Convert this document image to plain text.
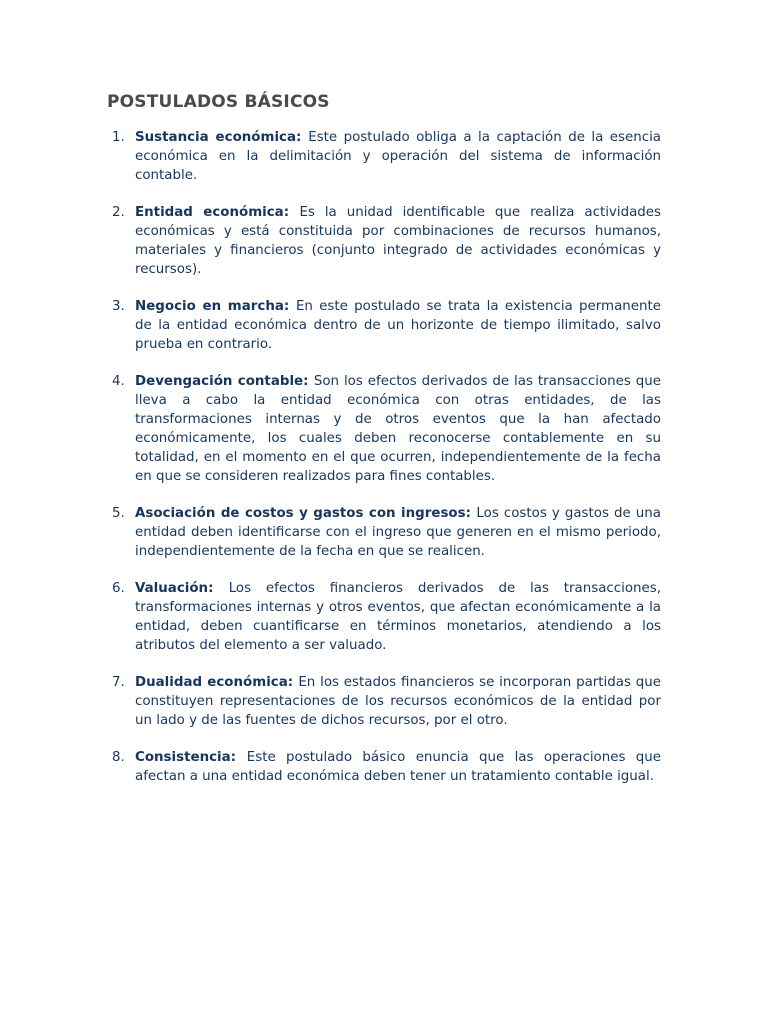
POSTULADOS BÁSICOS
1. Sustancia económica: Este postulado obliga a la captación de la esencia económica en la delimitación y operación del sistema de información contable.
2. Entidad económica: Es la unidad identificable que realiza actividades económicas y está constituida por combinaciones de recursos humanos, materiales y financieros (conjunto integrado de actividades económicas y recursos).
3. Negocio en marcha: En este postulado se trata la existencia permanente de la entidad económica dentro de un horizonte de tiempo ilimitado, salvo prueba en contrario.
4. Devengación contable: Son los efectos derivados de las transacciones que lleva a cabo la entidad económica con otras entidades, de las transformaciones internas y de otros eventos que la han afectado económicamente, los cuales deben reconocerse contablemente en su totalidad, en el momento en el que ocurren, independientemente de la fecha en que se consideren realizados para fines contables.
5. Asociación de costos y gastos con ingresos: Los costos y gastos de una entidad deben identificarse con el ingreso que generen en el mismo periodo, independientemente de la fecha en que se realicen.
6. Valuación: Los efectos financieros derivados de las transacciones, transformaciones internas y otros eventos, que afectan económicamente a la entidad, deben cuantificarse en términos monetarios, atendiendo a los atributos del elemento a ser valuado.
7. Dualidad económica: En los estados financieros se incorporan partidas que constituyen representaciones de los recursos económicos de la entidad por un lado y de las fuentes de dichos recursos, por el otro.
8. Consistencia: Este postulado básico enuncia que las operaciones que afectan a una entidad económica deben tener un tratamiento contable igual.
